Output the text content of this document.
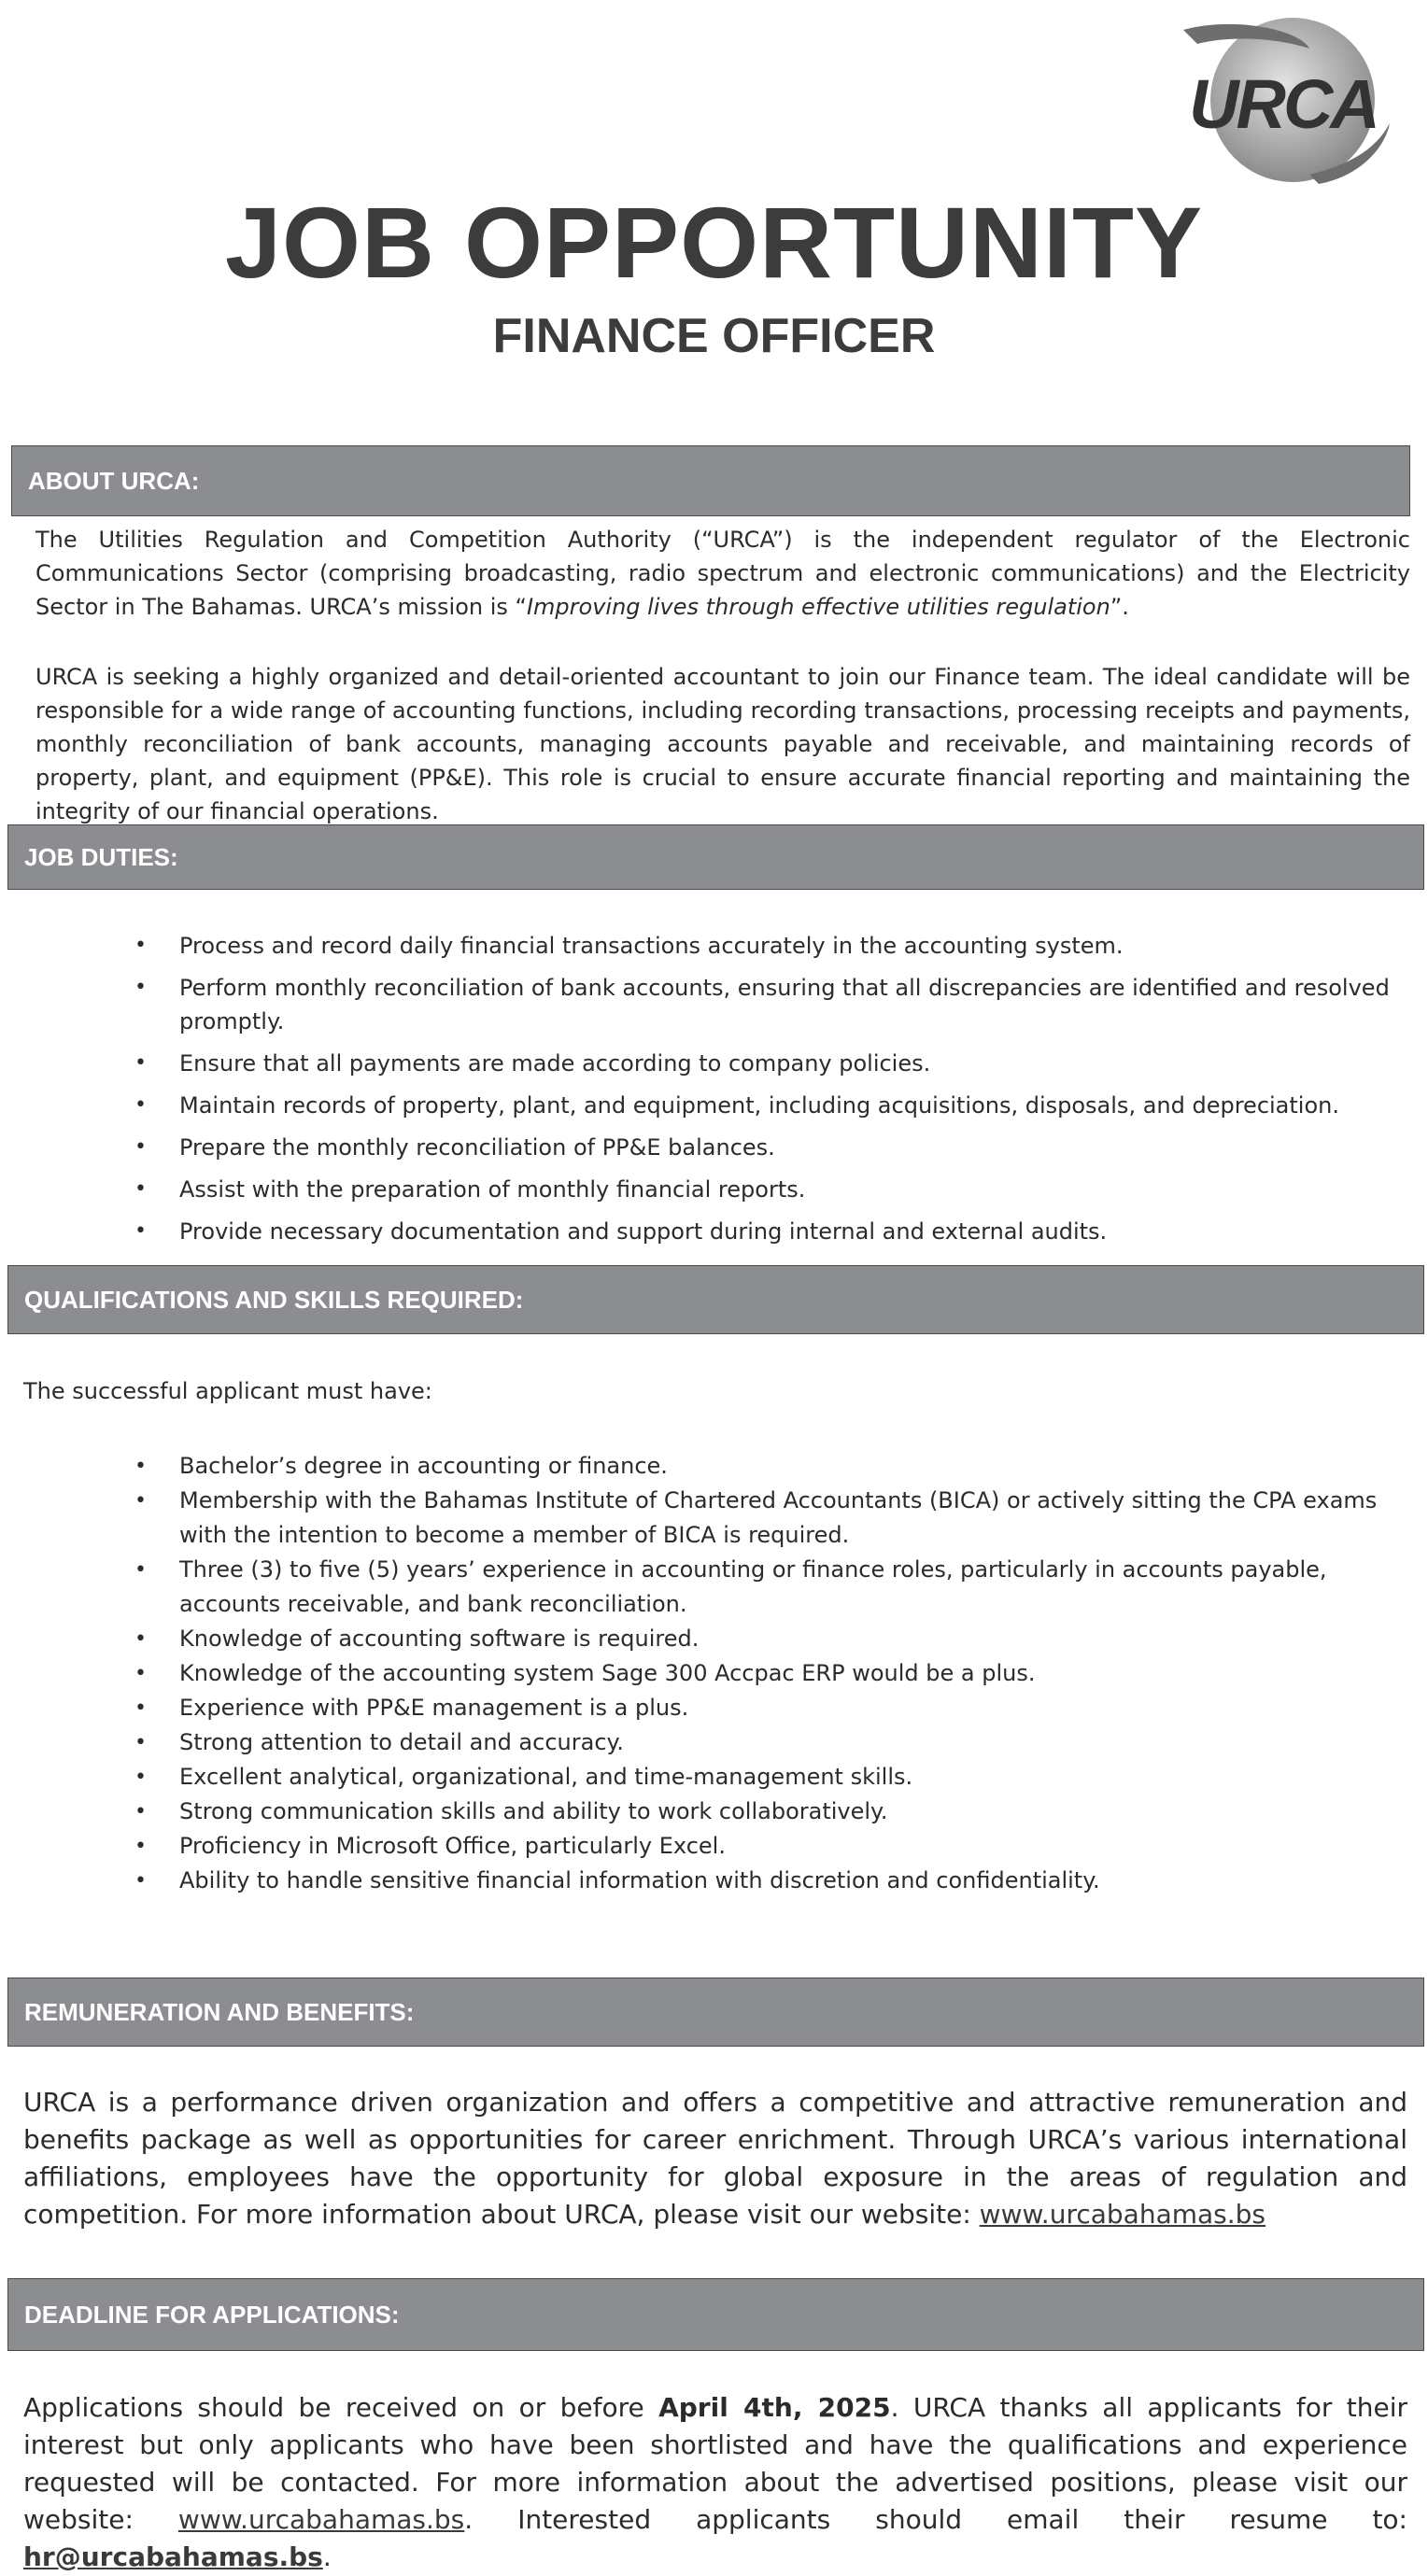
URCA
JOB OPPORTUNITY
FINANCE OFFICER
ABOUT URCA:

The Utilities Regulation and Competition Authority (“URCA”) is the independent regulator of the Electronic Communications Sector (comprising broadcasting, radio spectrum and electronic communications) and the Electricity Sector in The Bahamas. URCA’s mission is “Improving lives through effective utilities regulation”.

URCA is seeking a highly organized and detail-oriented accountant to join our Finance team. The ideal candidate will be responsible for a wide range of accounting functions, including recording transactions, processing receipts and payments, monthly reconciliation of bank accounts, managing accounts payable and receivable, and maintaining records of property, plant, and equipment (PP&E). This role is crucial to ensure accurate financial reporting and maintaining the integrity of our financial operations.

JOB DUTIES:
• Process and record daily financial transactions accurately in the accounting system.
• Perform monthly reconciliation of bank accounts, ensuring that all discrepancies are identified and resolved promptly.
• Ensure that all payments are made according to company policies.
• Maintain records of property, plant, and equipment, including acquisitions, disposals, and depreciation.
• Prepare the monthly reconciliation of PP&E balances.
• Assist with the preparation of monthly financial reports.
• Provide necessary documentation and support during internal and external audits.
QUALIFICATIONS AND SKILLS REQUIRED:

The successful applicant must have:

• Bachelor’s degree in accounting or finance.
• Membership with the Bahamas Institute of Chartered Accountants (BICA) or actively sitting the CPA exams with the intention to become a member of BICA is required.
• Three (3) to five (5) years’ experience in accounting or finance roles, particularly in accounts payable, accounts receivable, and bank reconciliation.
• Knowledge of accounting software is required.
• Knowledge of the accounting system Sage 300 Accpac ERP would be a plus.
• Experience with PP&E management is a plus.
• Strong attention to detail and accuracy.
• Excellent analytical, organizational, and time-management skills.
• Strong communication skills and ability to work collaboratively.
• Proficiency in Microsoft Office, particularly Excel.
• Ability to handle sensitive financial information with discretion and confidentiality.
REMUNERATION AND BENEFITS:

URCA is a performance driven organization and offers a competitive and attractive remuneration and benefits package as well as opportunities for career enrichment. Through URCA’s various international affiliations, employees have the opportunity for global exposure in the areas of regulation and competition. For more information about URCA, please visit our website: www.urcabahamas.bs

DEADLINE FOR APPLICATIONS:

Applications should be received on or before April 4th, 2025. URCA thanks all applicants for their interest but only applicants who have been shortlisted and have the qualifications and experience requested will be contacted. For more information about the advertised positions, please visit our website: www.urcabahamas.bs. Interested applicants should email their resume to: hr@urcabahamas.bs.
